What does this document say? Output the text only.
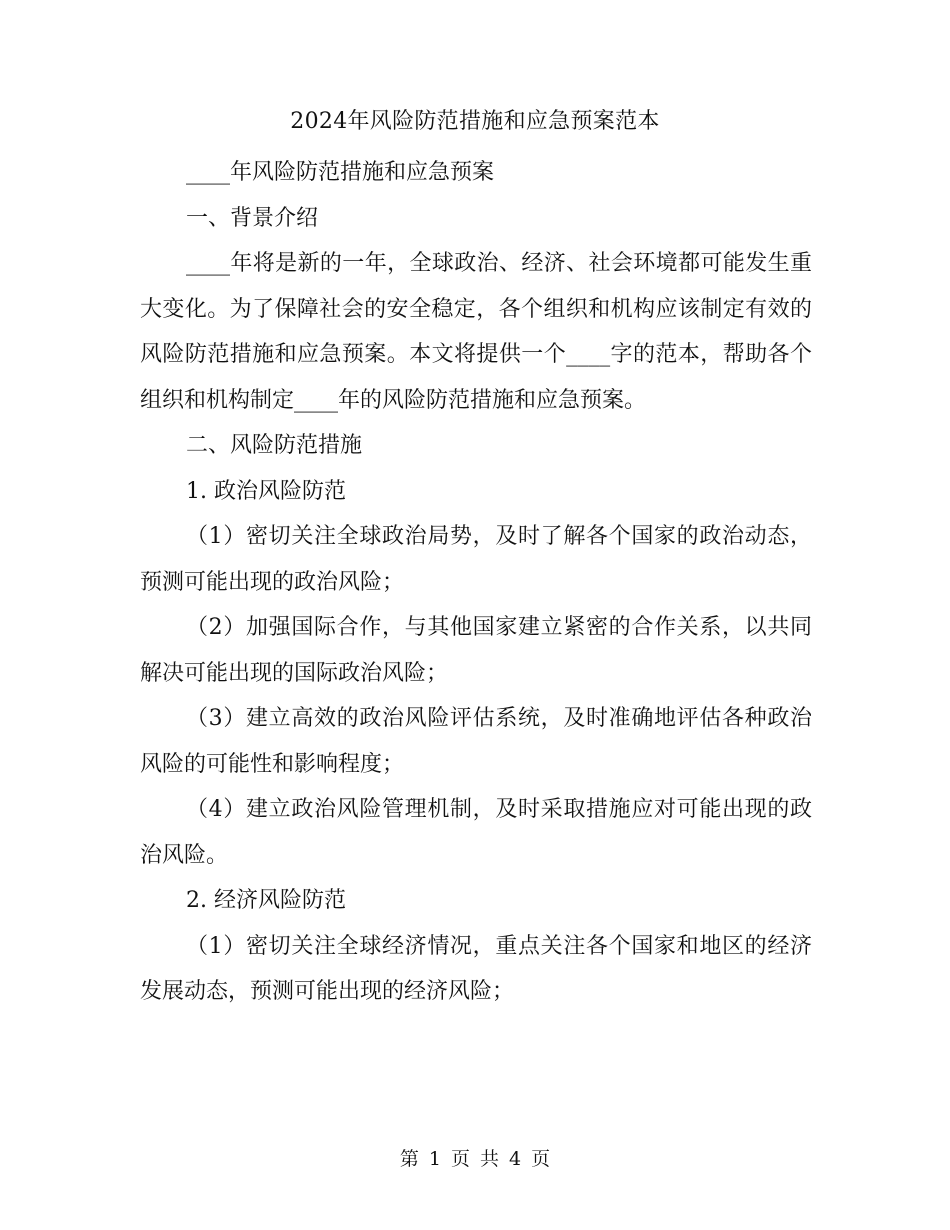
2024年风险防范措施和应急预案范本

____年风险防范措施和应急预案

一、背景介绍

____年将是新的一年，全球政治、经济、社会环境都可能发生重大变化。为了保障社会的安全稳定，各个组织和机构应该制定有效的风险防范措施和应急预案。本文将提供一个____字的范本，帮助各个组织和机构制定____年的风险防范措施和应急预案。

二、风险防范措施

1. 政治风险防范

（1）密切关注全球政治局势，及时了解各个国家的政治动态，预测可能出现的政治风险；

（2）加强国际合作，与其他国家建立紧密的合作关系，以共同解决可能出现的国际政治风险；

（3）建立高效的政治风险评估系统，及时准确地评估各种政治风险的可能性和影响程度；

（4）建立政治风险管理机制，及时采取措施应对可能出现的政治风险。

2. 经济风险防范

（1）密切关注全球经济情况，重点关注各个国家和地区的经济发展动态，预测可能出现的经济风险；

第 1 页 共 4 页
